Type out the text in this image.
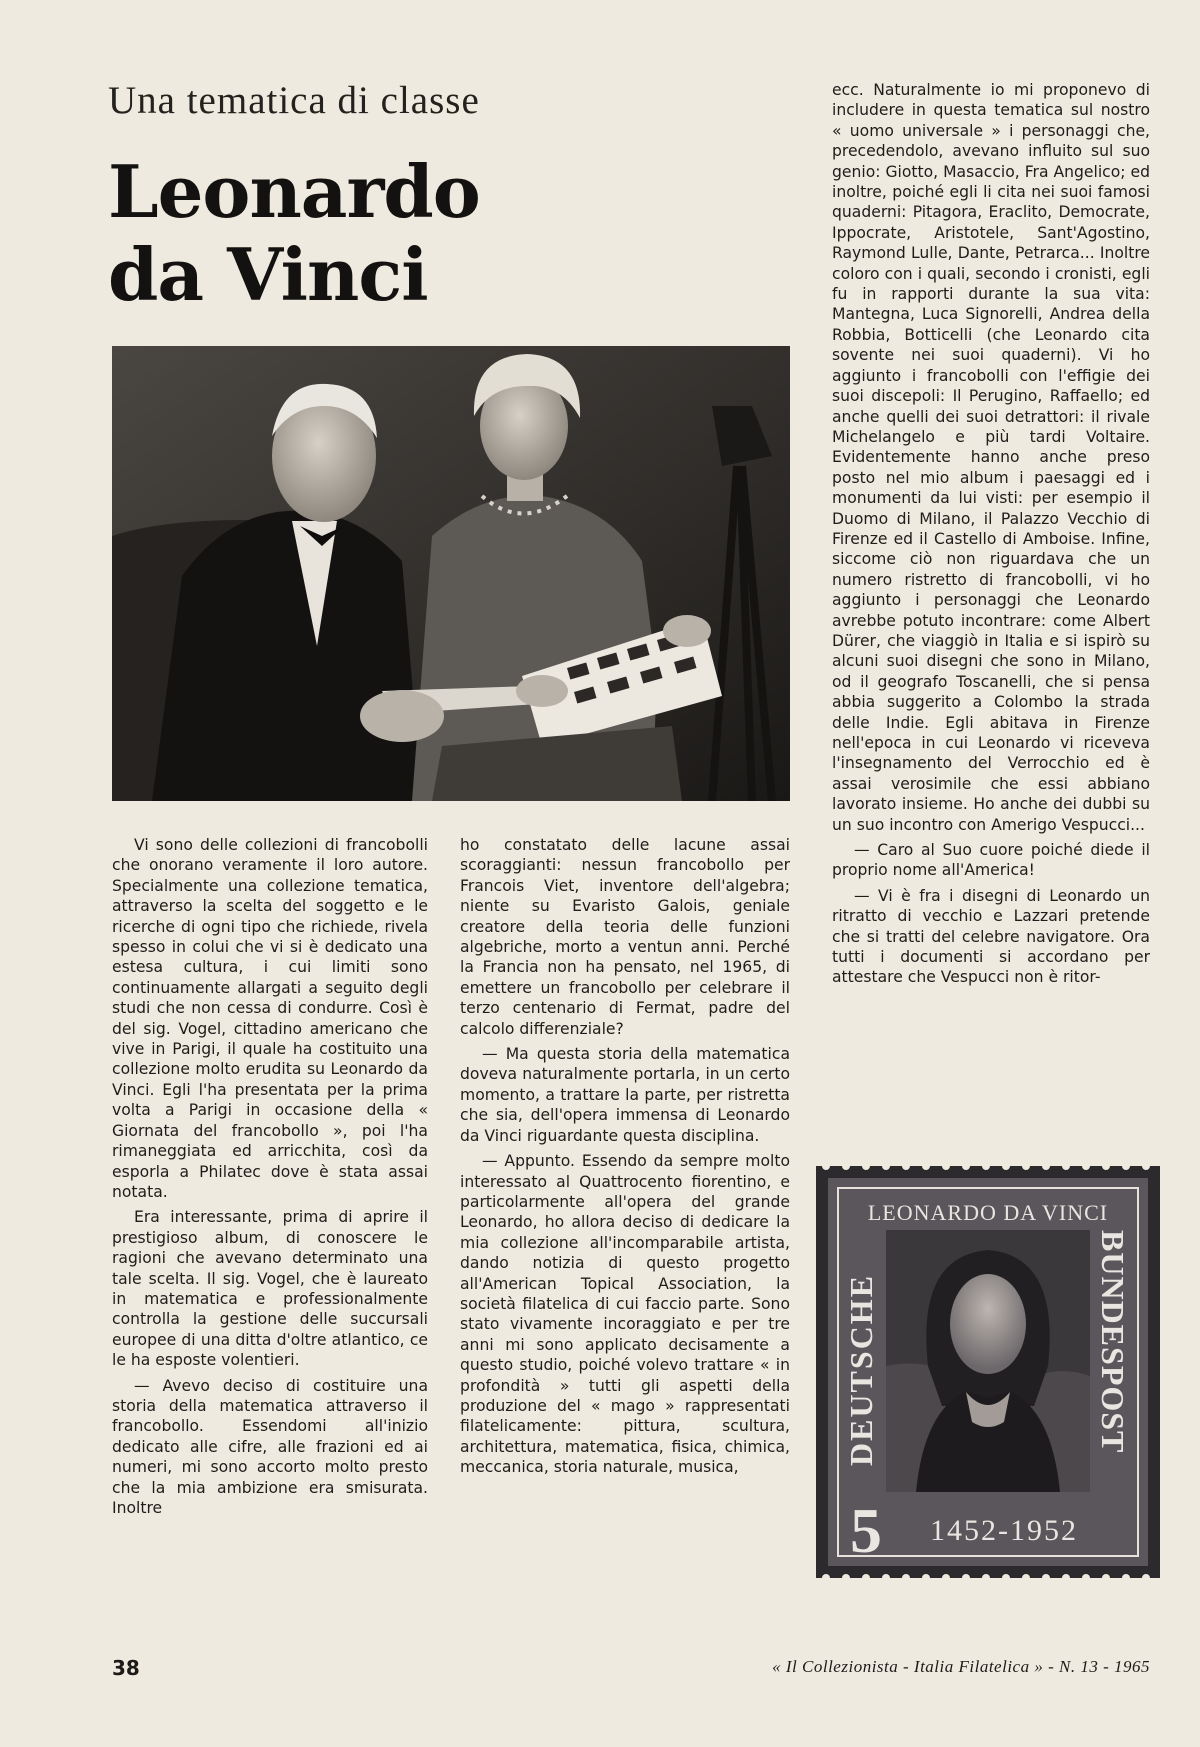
Una tematica di classe
Leonardo
da Vinci

Vi sono delle collezioni di francobolli che onorano veramente il loro autore. Specialmente una collezione tematica, attraverso la scelta del soggetto e le ricerche di ogni tipo che richiede, rivela spesso in colui che vi si è dedicato una estesa cultura, i cui limiti sono continuamente allargati a seguito degli studi che non cessa di condurre. Così è del sig. Vogel, cittadino americano che vive in Parigi, il quale ha costituito una collezione molto erudita su Leonardo da Vinci. Egli l'ha presentata per la prima volta a Parigi in occasione della « Giornata del francobollo », poi l'ha rimaneggiata ed arricchita, così da esporla a Philatec dove è stata assai notata.

Era interessante, prima di aprire il prestigioso album, di conoscere le ragioni che avevano determinato una tale scelta. Il sig. Vogel, che è laureato in matematica e professionalmente controlla la gestione delle succursali europee di una ditta d'oltre atlantico, ce le ha esposte volentieri.

— Avevo deciso di costituire una storia della matematica attraverso il francobollo. Essendomi all'inizio dedicato alle cifre, alle frazioni ed ai numeri, mi sono accorto molto presto che la mia ambizione era smisurata. Inoltre

ho constatato delle lacune assai scoraggianti: nessun francobollo per Francois Viet, inventore dell'algebra; niente su Evaristo Galois, geniale creatore della teoria delle funzioni algebriche, morto a ventun anni. Perché la Francia non ha pensato, nel 1965, di emettere un francobollo per celebrare il terzo centenario di Fermat, padre del calcolo differenziale?

— Ma questa storia della matematica doveva naturalmente portarla, in un certo momento, a trattare la parte, per ristretta che sia, dell'opera immensa di Leonardo da Vinci riguardante questa disciplina.

— Appunto. Essendo da sempre molto interessato al Quattrocento fiorentino, e particolarmente all'opera del grande Leonardo, ho allora deciso di dedicare la mia collezione all'incomparabile artista, dando notizia di questo progetto all'American Topical Association, la società filatelica di cui faccio parte. Sono stato vivamente incoraggiato e per tre anni mi sono applicato decisamente a questo studio, poiché volevo trattare « in profondità » tutti gli aspetti della produzione del « mago » rappresentati filatelicamente: pittura, scultura, architettura, matematica, fisica, chimica, meccanica, storia naturale, musica,

ecc. Naturalmente io mi proponevo di includere in questa tematica sul nostro « uomo universale » i personaggi che, precedendolo, avevano influito sul suo genio: Giotto, Masaccio, Fra Angelico; ed inoltre, poiché egli li cita nei suoi famosi quaderni: Pitagora, Eraclito, Democrate, Ippocrate, Aristotele, Sant'Agostino, Raymond Lulle, Dante, Petrarca... Inoltre coloro con i quali, secondo i cronisti, egli fu in rapporti durante la sua vita: Mantegna, Luca Signorelli, Andrea della Robbia, Botticelli (che Leonardo cita sovente nei suoi quaderni). Vi ho aggiunto i francobolli con l'effigie dei suoi discepoli: Il Perugino, Raffaello; ed anche quelli dei suoi detrattori: il rivale Michelangelo e più tardi Voltaire. Evidentemente hanno anche preso posto nel mio album i paesaggi ed i monumenti da lui visti: per esempio il Duomo di Milano, il Palazzo Vecchio di Firenze ed il Castello di Amboise. Infine, siccome ciò non riguardava che un numero ristretto di francobolli, vi ho aggiunto i personaggi che Leonardo avrebbe potuto incontrare: come Albert Dürer, che viaggiò in Italia e si ispirò su alcuni suoi disegni che sono in Milano, od il geografo Toscanelli, che si pensa abbia suggerito a Colombo la strada delle Indie. Egli abitava in Firenze nell'epoca in cui Leonardo vi riceveva l'insegnamento del Verrocchio ed è assai verosimile che essi abbiano lavorato insieme. Ho anche dei dubbi su un suo incontro con Amerigo Vespucci...

— Caro al Suo cuore poiché diede il proprio nome all'America!

— Vi è fra i disegni di Leonardo un ritratto di vecchio e Lazzari pretende che si tratti del celebre navigatore. Ora tutti i documenti si accordano per attestare che Vespucci non è ritor-

LEONARDO DA VINCI
DEUTSCHE	BUNDESPOST
5 1452-1952
38	« Il Collezionista - Italia Filatelica » - N. 13 - 1965
